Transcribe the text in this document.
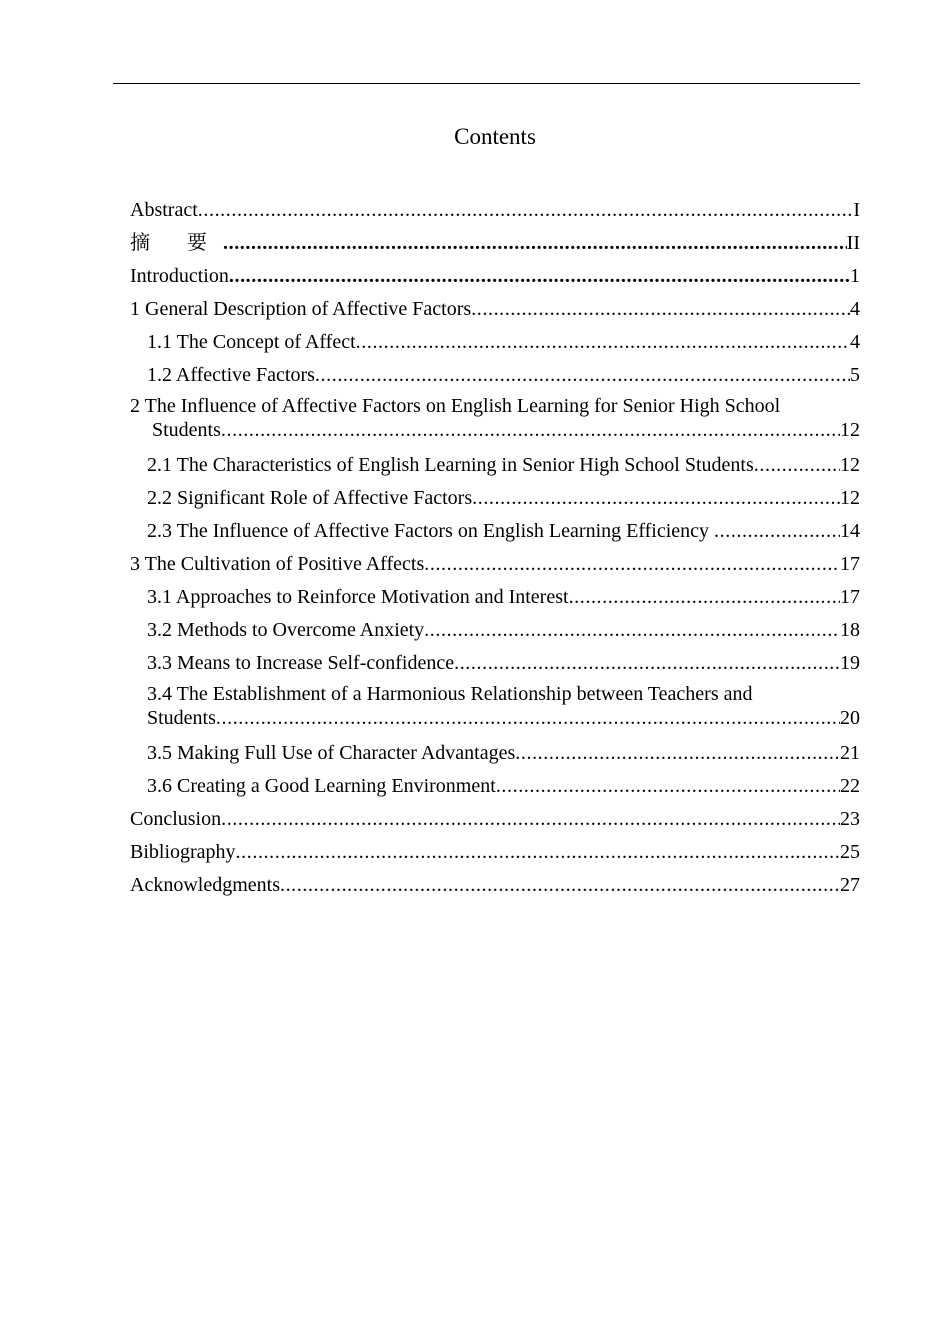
Contents
Abstract .....	I
摘 要 .....	II
Introduction .....	1
1 General Description of Affective Factors .....	4
1.1 The Concept of Affect .....	4
1.2 Affective Factors .....	5
2 The Influence of Affective Factors on English Learning for Senior High School
Students .....	12
2.1 The Characteristics of English Learning in Senior High School Students .....	12
2.2 Significant Role of Affective Factors .....	12
2.3 The Influence of Affective Factors on English Learning Efficiency .....	14
3 The Cultivation of Positive Affects .....	17
3.1 Approaches to Reinforce Motivation and Interest .....	17
3.2 Methods to Overcome Anxiety .....	18
3.3 Means to Increase Self-confidence .....	19
3.4 The Establishment of a Harmonious Relationship between Teachers and
Students .....	20
3.5 Making Full Use of Character Advantages .....	21
3.6 Creating a Good Learning Environment .....	22
Conclusion .....	23
Bibliography .....	25
Acknowledgments .....	27
